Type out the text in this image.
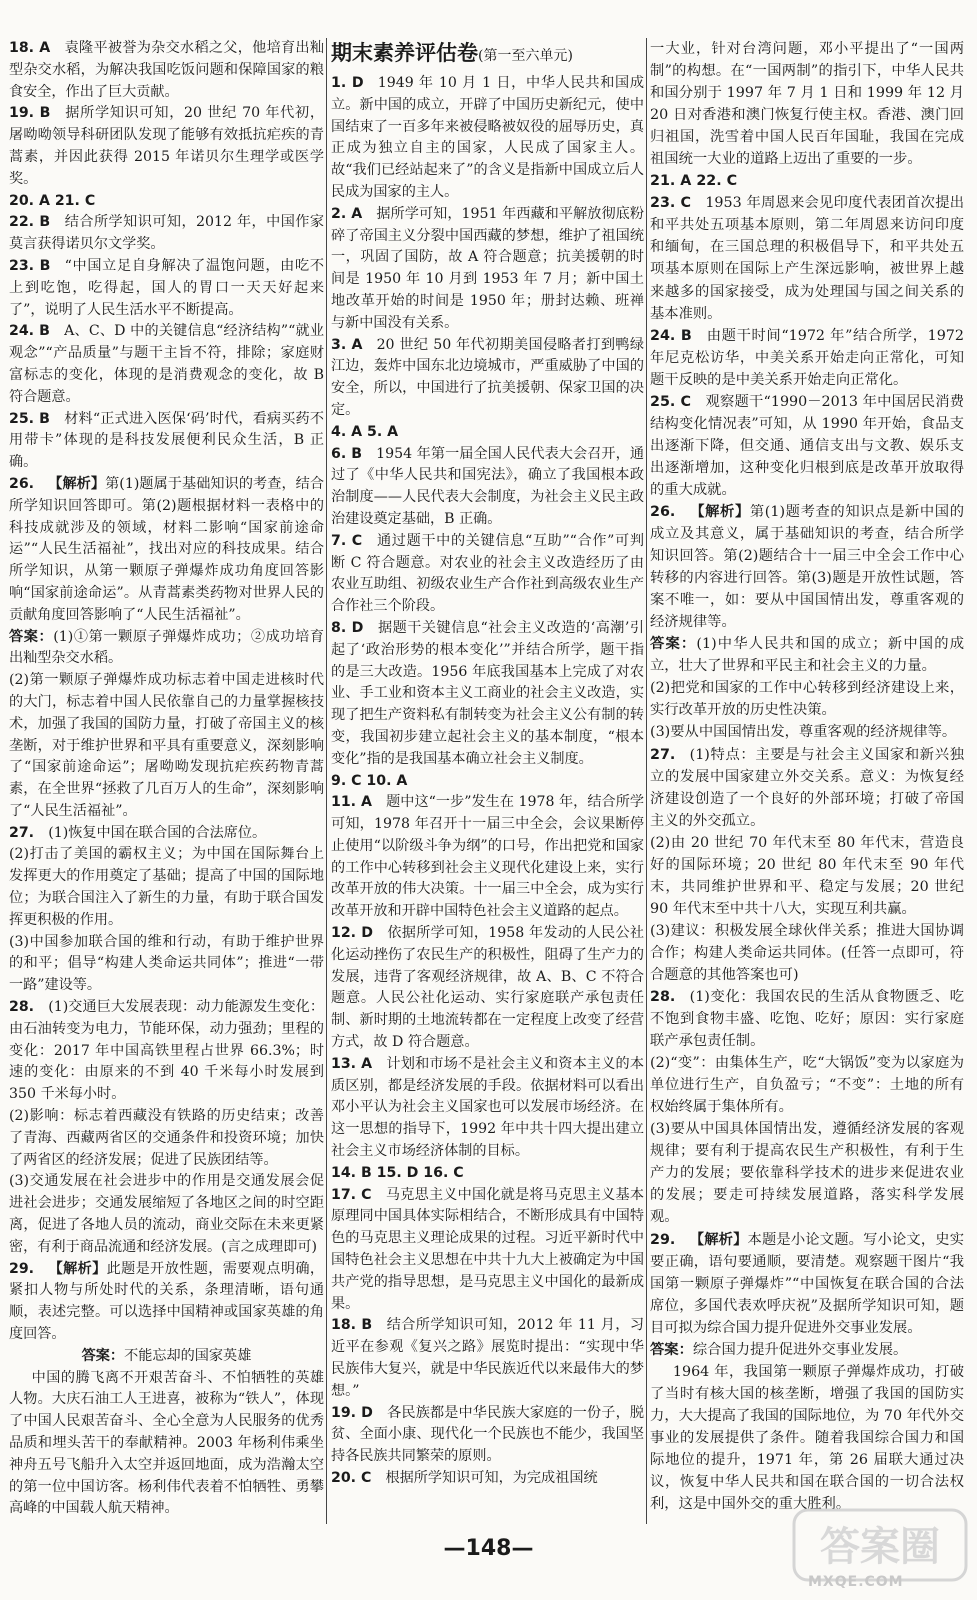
18. A  袁隆平被誉为杂交水稻之父，他培育出籼型杂交水稻，为解决我国吃饭问题和保障国家的粮食安全，作出了巨大贡献。

19. B  据所学知识可知，20 世纪 70 年代初，屠呦呦领导科研团队发现了能够有效抵抗疟疾的青蒿素，并因此获得 2015 年诺贝尔生理学或医学奖。

20. A 21. C 

22. B  结合所学知识可知，2012 年，中国作家莫言获得诺贝尔文学奖。

23. B  “中国立足自身解决了温饱问题，由吃不上到吃饱，吃得起，国人的胃口一天天好起来了”，说明了人民生活水平不断提高。

24. B  A、C、D 中的关键信息“经济结构”“就业观念”“产品质量”与题干主旨不符，排除；家庭财富标志的变化，体现的是消费观念的变化，故 B 符合题意。

25. B  材料“正式进入医保‘码’时代，看病买药不用带卡”体现的是科技发展便利民众生活，B 正确。

26.  【解析】第(1)题属于基础知识的考查，结合所学知识回答即可。第(2)题根据材料一表格中的科技成就涉及的领域，材料二影响“国家前途命运”“人民生活福祉”，找出对应的科技成果。结合所学知识，从第一颗原子弹爆炸成功角度回答影响“国家前途命运”。从青蒿素类药物对世界人民的贡献角度回答影响了“人民生活福祉”。

答案：(1)①第一颗原子弹爆炸成功；②成功培育出籼型杂交水稻。

(2)第一颗原子弹爆炸成功标志着中国走进核时代的大门，标志着中国人民依靠自己的力量掌握核技术，加强了我国的国防力量，打破了帝国主义的核垄断，对于维护世界和平具有重要意义，深刻影响了“国家前途命运”；屠呦呦发现抗疟疾药物青蒿素，在全世界“拯救了几百万人的生命”，深刻影响了“人民生活福祉”。

27.  (1)恢复中国在联合国的合法席位。

(2)打击了美国的霸权主义；为中国在国际舞台上发挥更大的作用奠定了基础；提高了中国的国际地位；为联合国注入了新生的力量，有助于联合国发挥更积极的作用。

(3)中国参加联合国的维和行动，有助于维护世界的和平；倡导“构建人类命运共同体”；推进“一带一路”建设等。

28.  (1)交通巨大发展表现：动力能源发生变化：由石油转变为电力，节能环保，动力强劲；里程的变化：2017 年中国高铁里程占世界 66.3%；时速的变化：由原来的不到 40 千米每小时发展到 350 千米每小时。

(2)影响：标志着西藏没有铁路的历史结束；改善了青海、西藏两省区的交通条件和投资环境；加快了两省区的经济发展；促进了民族团结等。

(3)交通发展在社会进步中的作用是交通发展会促进社会进步；交通发展缩短了各地区之间的时空距离，促进了各地人员的流动，商业交际在未来更紧密，有利于商品流通和经济发展。(言之成理即可)

29.  【解析】此题是开放性题，需要观点明确，紧扣人物与所处时代的关系，条理清晰，语句通顺，表述完整。可以选择中国精神或国家英雄的角度回答。

答案：不能忘却的国家英雄

中国的腾飞离不开艰苦奋斗、不怕牺牲的英雄人物。大庆石油工人王进喜，被称为“铁人”，体现了中国人民艰苦奋斗、全心全意为人民服务的优秀品质和埋头苦干的奉献精神。2003 年杨利伟乘坐神舟五号飞船升入太空并返回地面，成为浩瀚太空的第一位中国访客。杨利伟代表着不怕牺牲、勇攀高峰的中国载人航天精神。

期末素养评估卷(第一至六单元)

1. D  1949 年 10 月 1 日，中华人民共和国成立。新中国的成立，开辟了中国历史新纪元，使中国结束了一百多年来被侵略被奴役的屈辱历史，真正成为独立自主的国家，人民成了国家主人。故“我们已经站起来了”的含义是指新中国成立后人民成为国家的主人。

2. A  据所学可知，1951 年西藏和平解放彻底粉碎了帝国主义分裂中国西藏的梦想，维护了祖国统一，巩固了国防，故 A 符合题意；抗美援朝的时间是 1950 年 10 月到 1953 年 7 月；新中国土地改革开始的时间是 1950 年；册封达赖、班禅与新中国没有关系。

3. A  20 世纪 50 年代初期美国侵略者打到鸭绿江边，轰炸中国东北边境城市，严重威胁了中国的安全，所以，中国进行了抗美援朝、保家卫国的决定。

4. A 5. A 

6. B  1954 年第一届全国人民代表大会召开，通过了《中华人民共和国宪法》，确立了我国根本政治制度——人民代表大会制度，为社会主义民主政治建设奠定基础，B 正确。

7. C  通过题干中的关键信息“互助”“合作”可判断 C 符合题意。对农业的社会主义改造经历了由农业互助组、初级农业生产合作社到高级农业生产合作社三个阶段。

8. D  据题干关键信息“社会主义改造的‘高潮’引起了‘政治形势的根本变化’”并结合所学，题干指的是三大改造。1956 年底我国基本上完成了对农业、手工业和资本主义工商业的社会主义改造，实现了把生产资料私有制转变为社会主义公有制的转变，我国初步建立起社会主义的基本制度，“根本变化”指的是我国基本确立社会主义制度。

9. C 10. A 

11. A  题中这“一步”发生在 1978 年，结合所学可知，1978 年召开十一届三中全会，会议果断停止使用“以阶级斗争为纲”的口号，作出把党和国家的工作中心转移到社会主义现代化建设上来，实行改革开放的伟大决策。十一届三中全会，成为实行改革开放和开辟中国特色社会主义道路的起点。

12. D  依据所学可知，1958 年发动的人民公社化运动挫伤了农民生产的积极性，阻碍了生产力的发展，违背了客观经济规律，故 A、B、C 不符合题意。人民公社化运动、实行家庭联产承包责任制、新时期的土地流转都在一定程度上改变了经营方式，故 D 符合题意。

13. A  计划和市场不是社会主义和资本主义的本质区别，都是经济发展的手段。依据材料可以看出邓小平认为社会主义国家也可以发展市场经济。在这一思想的指导下，1992 年中共十四大提出建立社会主义市场经济体制的目标。

14. B 15. D 16. C 

17. C  马克思主义中国化就是将马克思主义基本原理同中国具体实际相结合，不断形成具有中国特色的马克思主义理论成果的过程。习近平新时代中国特色社会主义思想在中共十九大上被确定为中国共产党的指导思想，是马克思主义中国化的最新成果。

18. B  结合所学知识可知，2012 年 11 月，习近平在参观《复兴之路》展览时提出：“实现中华民族伟大复兴，就是中华民族近代以来最伟大的梦想。”

19. D  各民族都是中华民族大家庭的一份子，脱贫、全面小康、现代化一个民族也不能少，我国坚持各民族共同繁荣的原则。

20. C  根据所学知识可知，为完成祖国统

一大业，针对台湾问题，邓小平提出了“一国两制”的构想。在“一国两制”的指引下，中华人民共和国分别于 1997 年 7 月 1 日和 1999 年 12 月 20 日对香港和澳门恢复行使主权。香港、澳门回归祖国，洗雪着中国人民百年国耻，我国在完成祖国统一大业的道路上迈出了重要的一步。

21. A 22. C 

23. C  1953 年周恩来会见印度代表团首次提出和平共处五项基本原则，第二年周恩来访问印度和缅甸，在三国总理的积极倡导下，和平共处五项基本原则在国际上产生深远影响，被世界上越来越多的国家接受，成为处理国与国之间关系的基本准则。

24. B  由题干时间“1972 年”结合所学，1972 年尼克松访华，中美关系开始走向正常化，可知题干反映的是中美关系开始走向正常化。

25. C  观察题干“1990－2013 年中国居民消费结构变化情况表”可知，从 1990 年开始，食品支出逐渐下降，但交通、通信支出与文教、娱乐支出逐渐增加，这种变化归根到底是改革开放取得的重大成就。

26.  【解析】第(1)题考查的知识点是新中国的成立及其意义，属于基础知识的考查，结合所学知识回答。第(2)题结合十一届三中全会工作中心转移的内容进行回答。第(3)题是开放性试题，答案不唯一，如：要从中国国情出发，尊重客观的经济规律等。

答案：(1)中华人民共和国的成立；新中国的成立，壮大了世界和平民主和社会主义的力量。

(2)把党和国家的工作中心转移到经济建设上来，实行改革开放的历史性决策。

(3)要从中国国情出发，尊重客观的经济规律等。

27.  (1)特点：主要是与社会主义国家和新兴独立的发展中国家建立外交关系。意义：为恢复经济建设创造了一个良好的外部环境；打破了帝国主义的外交孤立。

(2)由 20 世纪 70 年代末至 80 年代末，营造良好的国际环境；20 世纪 80 年代末至 90 年代末，共同维护世界和平、稳定与发展；20 世纪 90 年代末至中共十八大，实现互利共赢。

(3)建议：积极发展全球伙伴关系；推进大国协调合作；构建人类命运共同体。(任答一点即可，符合题意的其他答案也可)

28.  (1)变化：我国农民的生活从食物匮乏、吃不饱到食物丰盛、吃饱、吃好；原因：实行家庭联产承包责任制。

(2)“变”：由集体生产，吃“大锅饭”变为以家庭为单位进行生产，自负盈亏；“不变”：土地的所有权始终属于集体所有。

(3)要从中国具体国情出发，遵循经济发展的客观规律；要有利于提高农民生产积极性，有利于生产力的发展；要依靠科学技术的进步来促进农业的发展；要走可持续发展道路，落实科学发展观。

29.  【解析】本题是小论文题。写小论文，史实要正确，语句要通顺，要清楚。观察题干图片“我国第一颗原子弹爆炸”“中国恢复在联合国的合法席位，多国代表欢呼庆祝”及据所学知识可知，题目可拟为综合国力提升促进外交事业发展。

答案：综合国力提升促进外交事业发展。

1964 年，我国第一颗原子弹爆炸成功，打破了当时有核大国的核垄断，增强了我国的国防实力，大大提高了我国的国际地位，为 70 年代外交事业的发展提供了条件。随着我国综合国力和国际地位的提升，1971 年，第 26 届联大通过决议，恢复中华人民共和国在联合国的一切合法权利，这是中国外交的重大胜利。

—148—	答案圈
MXQE.COM
